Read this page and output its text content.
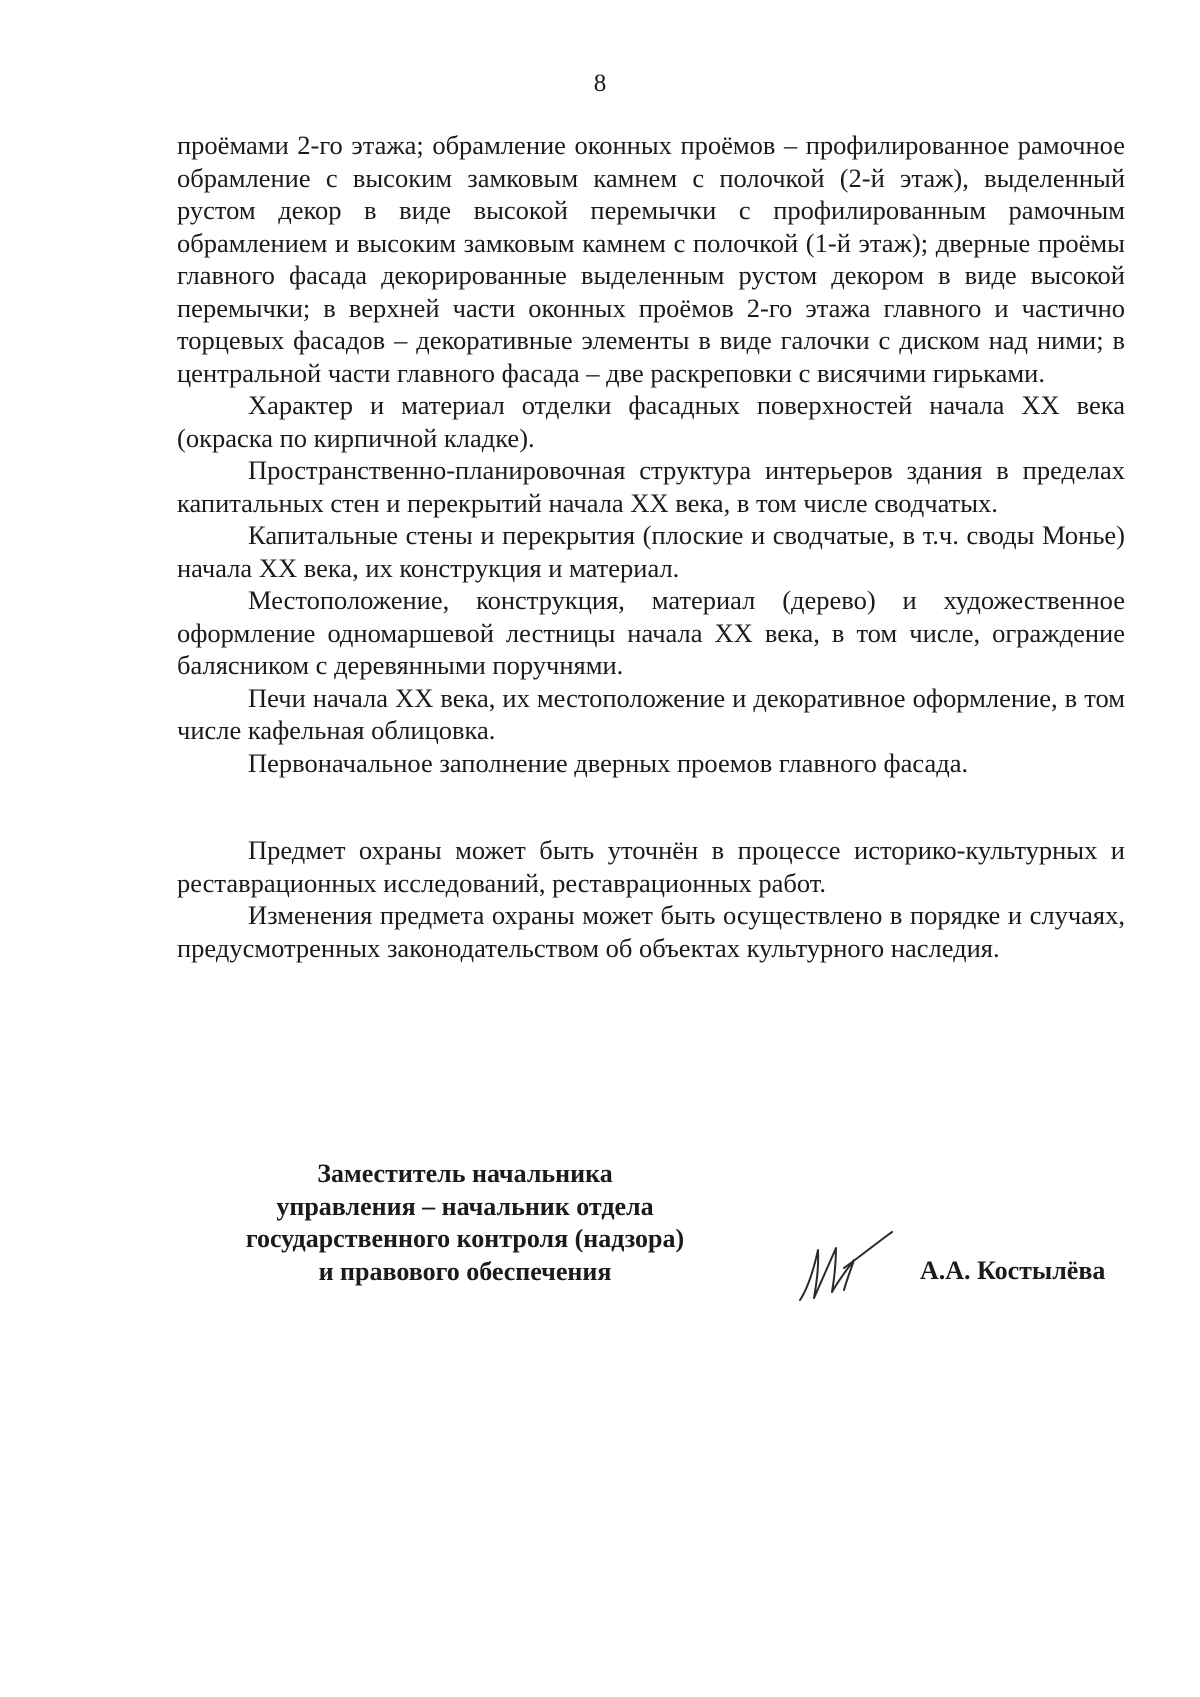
8

проёмами 2-го этажа; обрамление оконных проёмов – профилированное рамочное обрамление с высоким замковым камнем с полочкой (2-й этаж), выделенный рустом декор в виде высокой перемычки с профилированным рамочным обрамлением и высоким замковым камнем с полочкой (1-й этаж); дверные проёмы главного фасада декорированные выделенным рустом декором в виде высокой перемычки; в верхней части оконных проёмов 2-го этажа главного и частично торцевых фасадов – декоративные элементы в виде галочки с диском над ними; в центральной части главного фасада – две раскреповки с висячими гирьками.

Характер и материал отделки фасадных поверхностей начала XX века (окраска по кирпичной кладке).

Пространственно-планировочная структура интерьеров здания в пределах капитальных стен и перекрытий начала XX века, в том числе сводчатых.

Капитальные стены и перекрытия (плоские и сводчатые, в т.ч. своды Монье) начала XX века, их конструкция и материал.

Местоположение, конструкция, материал (дерево) и художественное оформление одномаршевой лестницы начала XX века, в том числе, ограждение балясником с деревянными поручнями.

Печи начала XX века, их местоположение и декоративное оформление, в том числе кафельная облицовка.

Первоначальное заполнение дверных проемов главного фасада.

Предмет охраны может быть уточнён в процессе историко-культурных и реставрационных исследований, реставрационных работ.

Изменения предмета охраны может быть осуществлено в порядке и случаях, предусмотренных законодательством об объектах культурного наследия.

Заместитель начальника
управления – начальник отдела
государственного контроля (надзора)
и правового обеспечения	А.А. Костылёва
